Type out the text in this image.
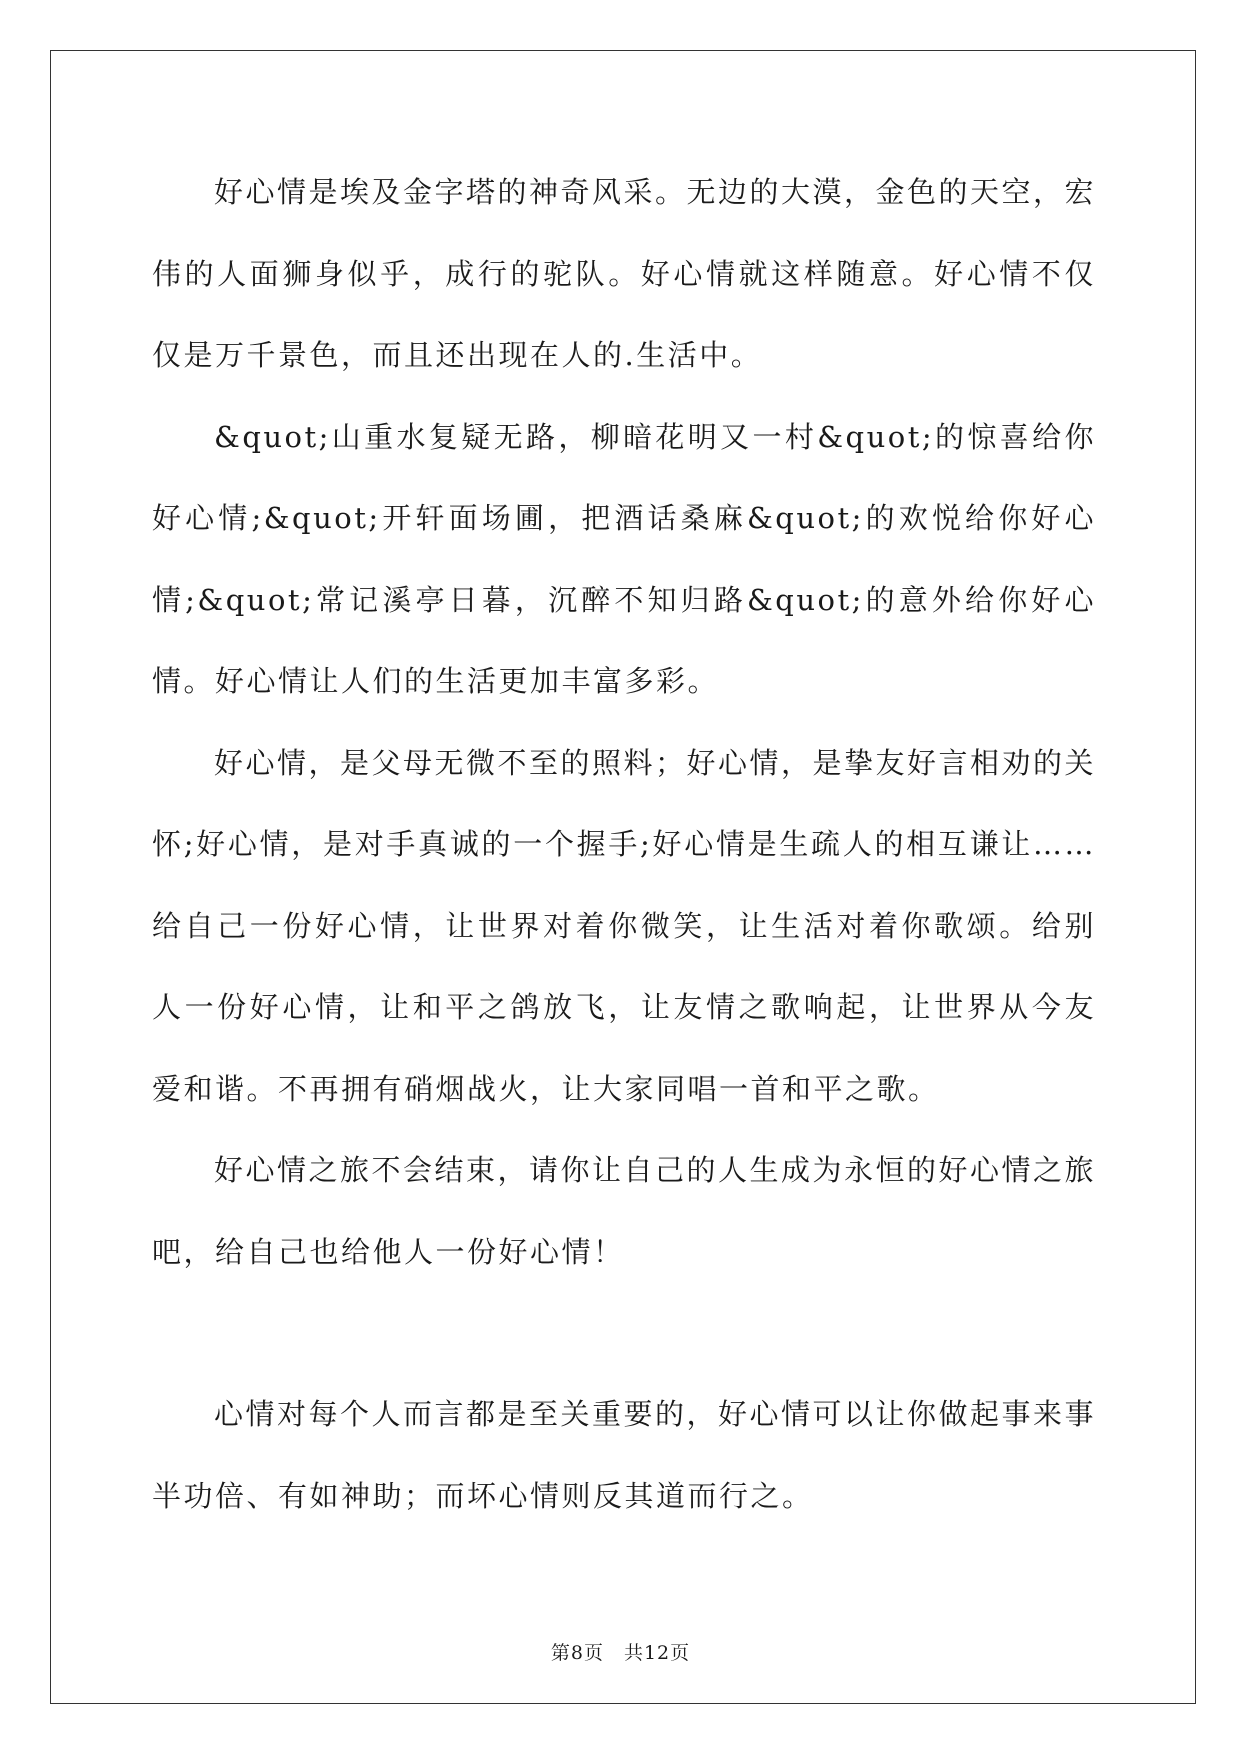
好心情是埃及金字塔的神奇风采。无边的大漠，金色的天空，宏伟的人面狮身似乎，成行的驼队。好心情就这样随意。好心情不仅仅是万千景色，而且还出现在人的.生活中。

&quot;山重水复疑无路，柳暗花明又一村&quot;的惊喜给你好心情;&quot;开轩面场圃，把酒话桑麻&quot;的欢悦给你好心情;&quot;常记溪亭日暮，沉醉不知归路&quot;的意外给你好心情。好心情让人们的生活更加丰富多彩。

好心情，是父母无微不至的照料；好心情，是挚友好言相劝的关怀;好心情，是对手真诚的一个握手;好心情是生疏人的相互谦让……给自己一份好心情，让世界对着你微笑，让生活对着你歌颂。给别人一份好心情，让和平之鸽放飞，让友情之歌响起，让世界从今友爱和谐。不再拥有硝烟战火，让大家同唱一首和平之歌。

好心情之旅不会结束，请你让自己的人生成为永恒的好心情之旅吧，给自己也给他人一份好心情！

心情对每个人而言都是至关重要的，好心情可以让你做起事来事半功倍、有如神助；而坏心情则反其道而行之。

第8页 共12页
